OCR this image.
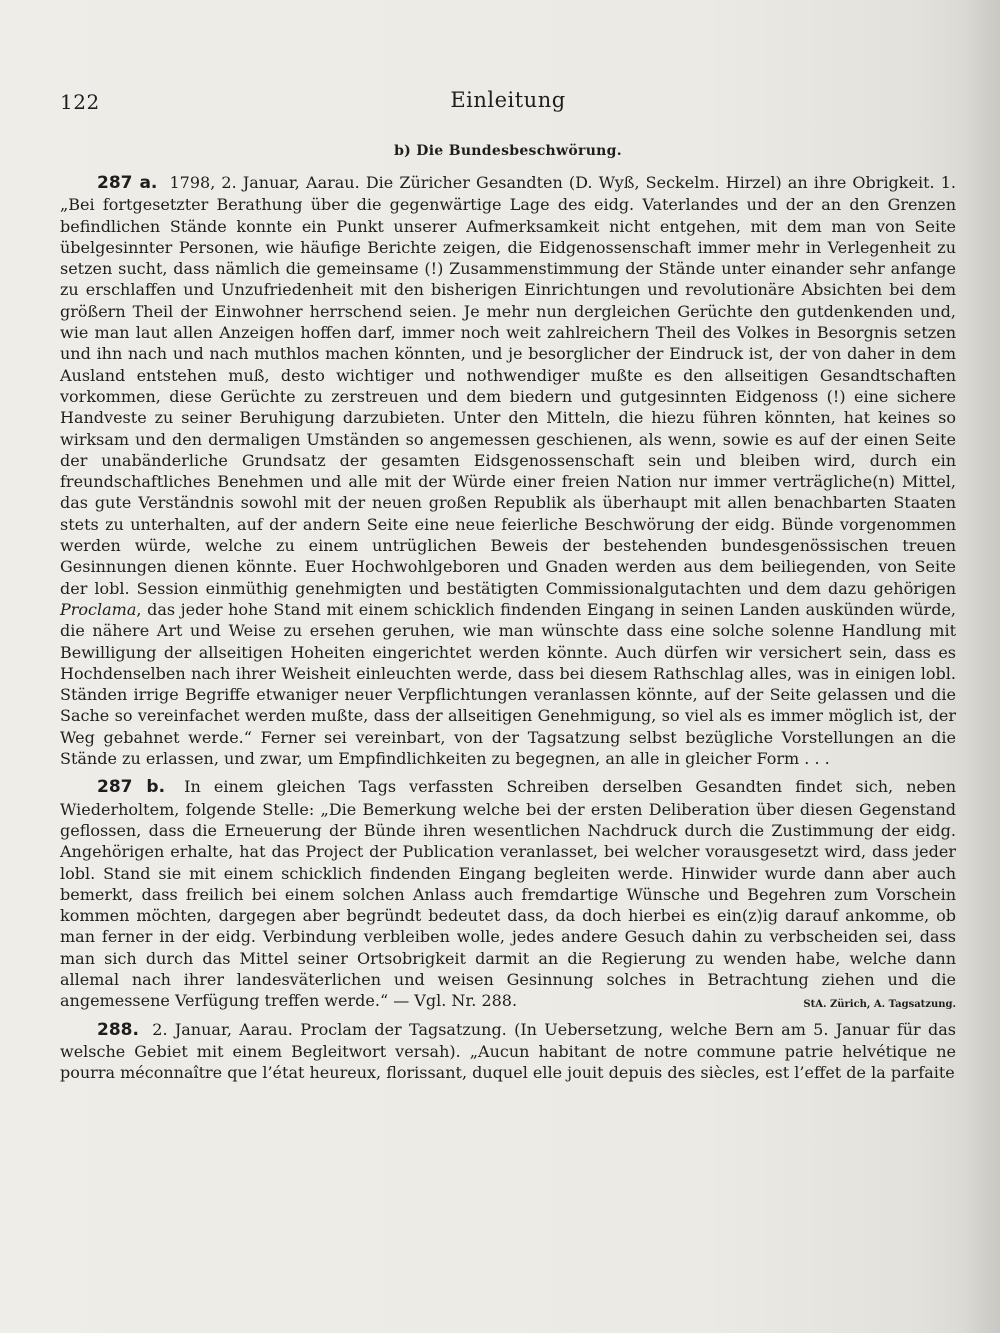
122	Einleitung
b) Die Bundesbeschwörung.

287 a. 1798, 2. Januar, Aarau. Die Züricher Gesandten (D. Wyß, Seckelm. Hirzel) an ihre Obrigkeit. 1. „Bei fortgesetzter Berathung über die gegenwärtige Lage des eidg. Vaterlandes und der an den Grenzen befindlichen Stände konnte ein Punkt unserer Aufmerksamkeit nicht entgehen, mit dem man von Seite übelgesinnter Personen, wie häufige Berichte zeigen, die Eidgenossenschaft immer mehr in Verlegenheit zu setzen sucht, dass nämlich die gemeinsame (!) Zusammenstimmung der Stände unter einander sehr anfange zu erschlaffen und Unzufriedenheit mit den bisherigen Einrichtungen und revolutionäre Absichten bei dem größern Theil der Einwohner herrschend seien. Je mehr nun dergleichen Gerüchte den gutdenkenden und, wie man laut allen Anzeigen hoffen darf, immer noch weit zahlreichern Theil des Volkes in Besorgnis setzen und ihn nach und nach muthlos machen könnten, und je besorglicher der Eindruck ist, der von daher in dem Ausland entstehen muß, desto wichtiger und nothwendiger mußte es den allseitigen Gesandtschaften vorkommen, diese Gerüchte zu zerstreuen und dem biedern und gutgesinnten Eidgenoss (!) eine sichere Handveste zu seiner Beruhigung darzubieten. Unter den Mitteln, die hiezu führen könnten, hat keines so wirksam und den dermaligen Umständen so angemessen geschienen, als wenn, sowie es auf der einen Seite der unabänderliche Grundsatz der gesamten Eidsgenossenschaft sein und bleiben wird, durch ein freundschaftliches Benehmen und alle mit der Würde einer freien Nation nur immer verträgliche(n) Mittel, das gute Verständnis sowohl mit der neuen großen Republik als überhaupt mit allen benachbarten Staaten stets zu unterhalten, auf der andern Seite eine neue feierliche Beschwörung der eidg. Bünde vorgenommen werden würde, welche zu einem untrüglichen Beweis der bestehenden bundesgenössischen treuen Gesinnungen dienen könnte. Euer Hochwohlgeboren und Gnaden werden aus dem beiliegenden, von Seite der lobl. Session einmüthig genehmigten und bestätigten Commissionalgutachten und dem dazu gehörigen Proclama, das jeder hohe Stand mit einem schicklich findenden Eingang in seinen Landen auskünden würde, die nähere Art und Weise zu ersehen geruhen, wie man wünschte dass eine solche solenne Handlung mit Bewilligung der allseitigen Hoheiten eingerichtet werden könnte. Auch dürfen wir versichert sein, dass es Hochdenselben nach ihrer Weisheit einleuchten werde, dass bei diesem Rathschlag alles, was in einigen lobl. Ständen irrige Begriffe etwaniger neuer Verpflichtungen veranlassen könnte, auf der Seite gelassen und die Sache so vereinfachet werden mußte, dass der allseitigen Genehmigung, so viel als es immer möglich ist, der Weg gebahnet werde.“ Ferner sei vereinbart, von der Tagsatzung selbst bezügliche Vorstellungen an die Stände zu erlassen, und zwar, um Empfindlichkeiten zu begegnen, an alle in gleicher Form . . .

287 b. In einem gleichen Tags verfassten Schreiben derselben Gesandten findet sich, neben Wiederholtem, folgende Stelle: „Die Bemerkung welche bei der ersten Deliberation über diesen Gegenstand geflossen, dass die Erneuerung der Bünde ihren wesentlichen Nachdruck durch die Zustimmung der eidg. Angehörigen erhalte, hat das Project der Publication veranlasset, bei welcher vorausgesetzt wird, dass jeder lobl. Stand sie mit einem schicklich findenden Eingang begleiten werde. Hinwider wurde dann aber auch bemerkt, dass freilich bei einem solchen Anlass auch fremdartige Wünsche und Begehren zum Vorschein kommen möchten, dargegen aber begründt bedeutet dass, da doch hierbei es ein(z)ig darauf ankomme, ob man ferner in der eidg. Verbindung verbleiben wolle, jedes andere Gesuch dahin zu verbscheiden sei, dass man sich durch das Mittel seiner Ortsobrigkeit darmit an die Regierung zu wenden habe, welche dann allemal nach ihrer landesväterlichen und weisen Gesinnung solches in Betrachtung ziehen und die angemessene Verfügung treffen werde.“ — Vgl. Nr. 288.	StA. Zürich, A. Tagsatzung.

288. 2. Januar, Aarau. Proclam der Tagsatzung. (In Uebersetzung, welche Bern am 5. Januar für das welsche Gebiet mit einem Begleitwort versah). „Aucun habitant de notre commune patrie helvétique ne pourra méconnaître que l’état heureux, florissant, duquel elle jouit depuis des siècles, est l’effet de la parfaite
